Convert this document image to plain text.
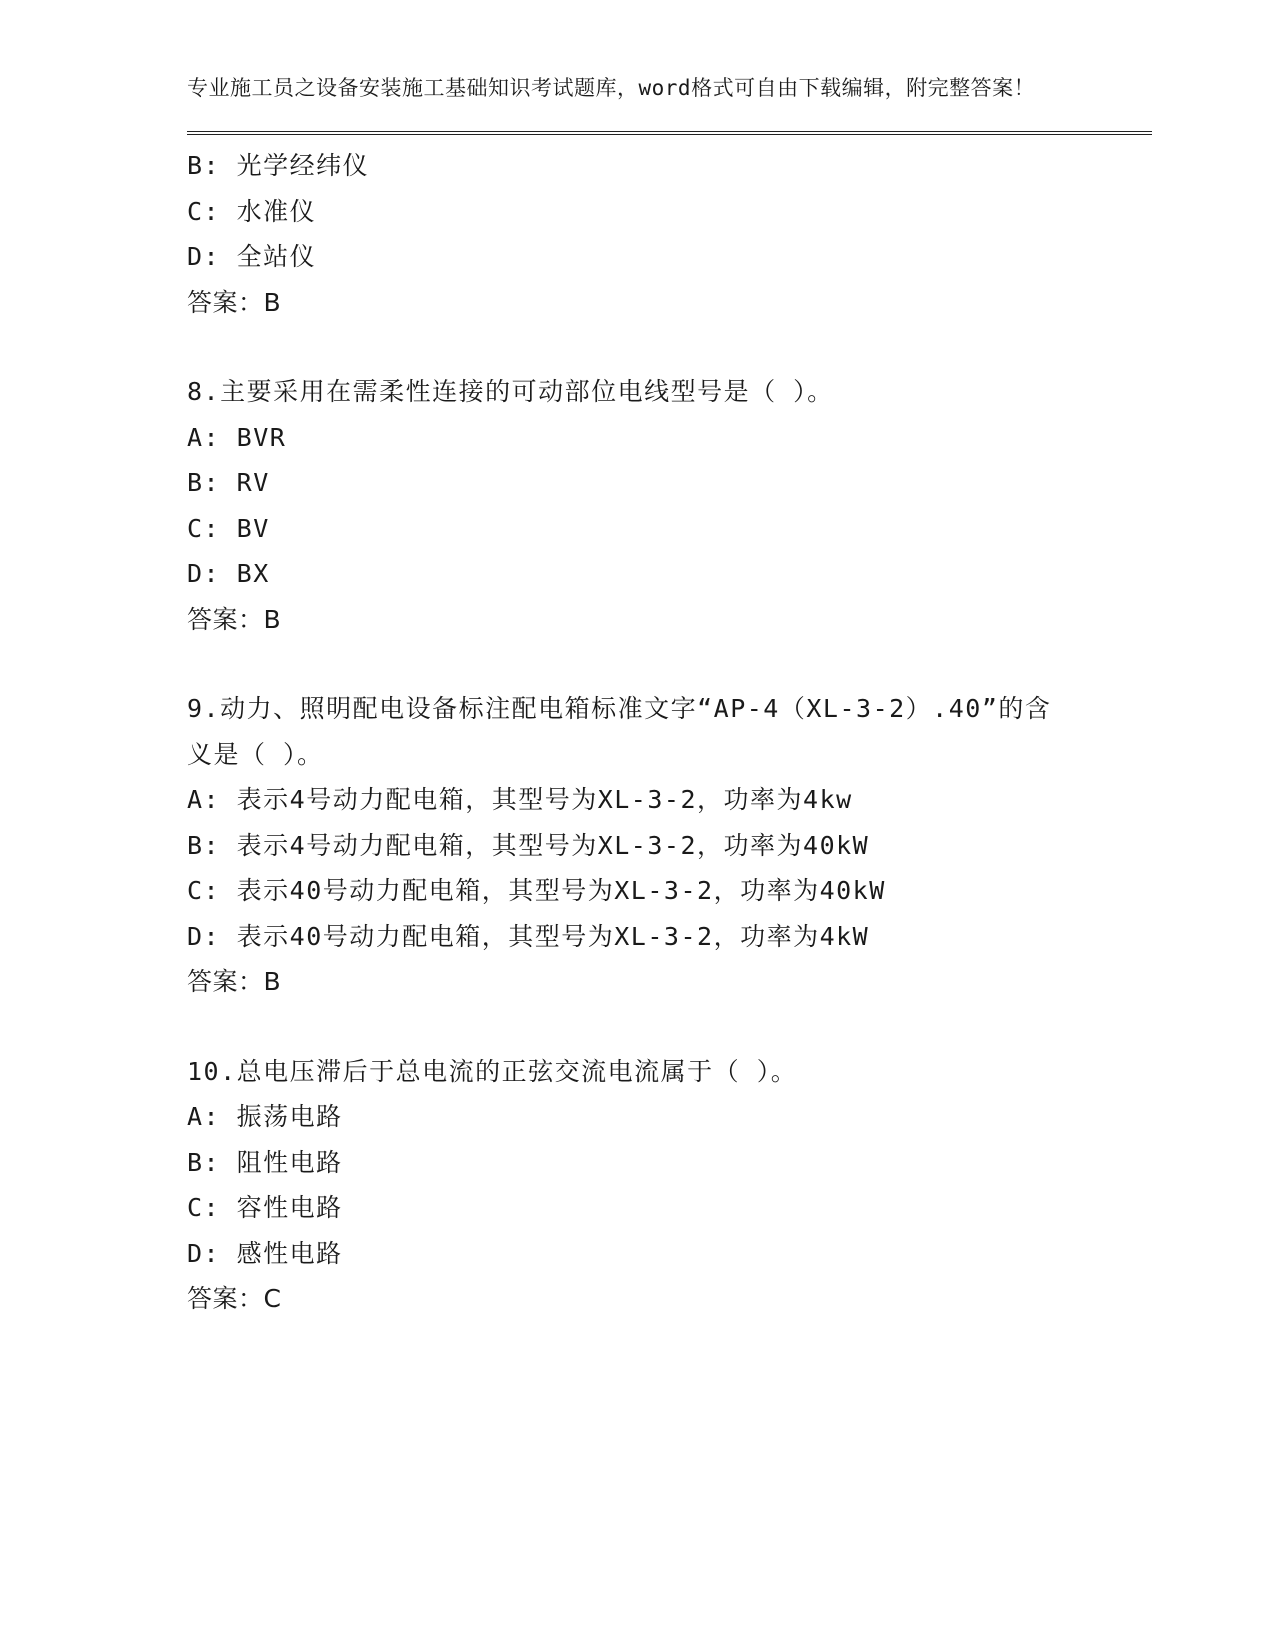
专业施工员之设备安装施工基础知识考试题库，word格式可自由下载编辑，附完整答案！

B: 光学经纬仪
C: 水准仪
D: 全站仪
答案：B
8.主要采用在需柔性连接的可动部位电线型号是（ ）。
A: BVR
B: RV
C: BV
D: BX
答案：B
9.动力、照明配电设备标注配电箱标准文字“AP-4（XL-3-2）.40”的含义是（ ）。
A: 表示4号动力配电箱，其型号为XL-3-2，功率为4kw
B: 表示4号动力配电箱，其型号为XL-3-2，功率为40kW
C: 表示40号动力配电箱，其型号为XL-3-2，功率为40kW
D: 表示40号动力配电箱，其型号为XL-3-2，功率为4kW
答案：B
10.总电压滞后于总电流的正弦交流电流属于（ ）。
A: 振荡电路
B: 阻性电路
C: 容性电路
D: 感性电路
答案：C
